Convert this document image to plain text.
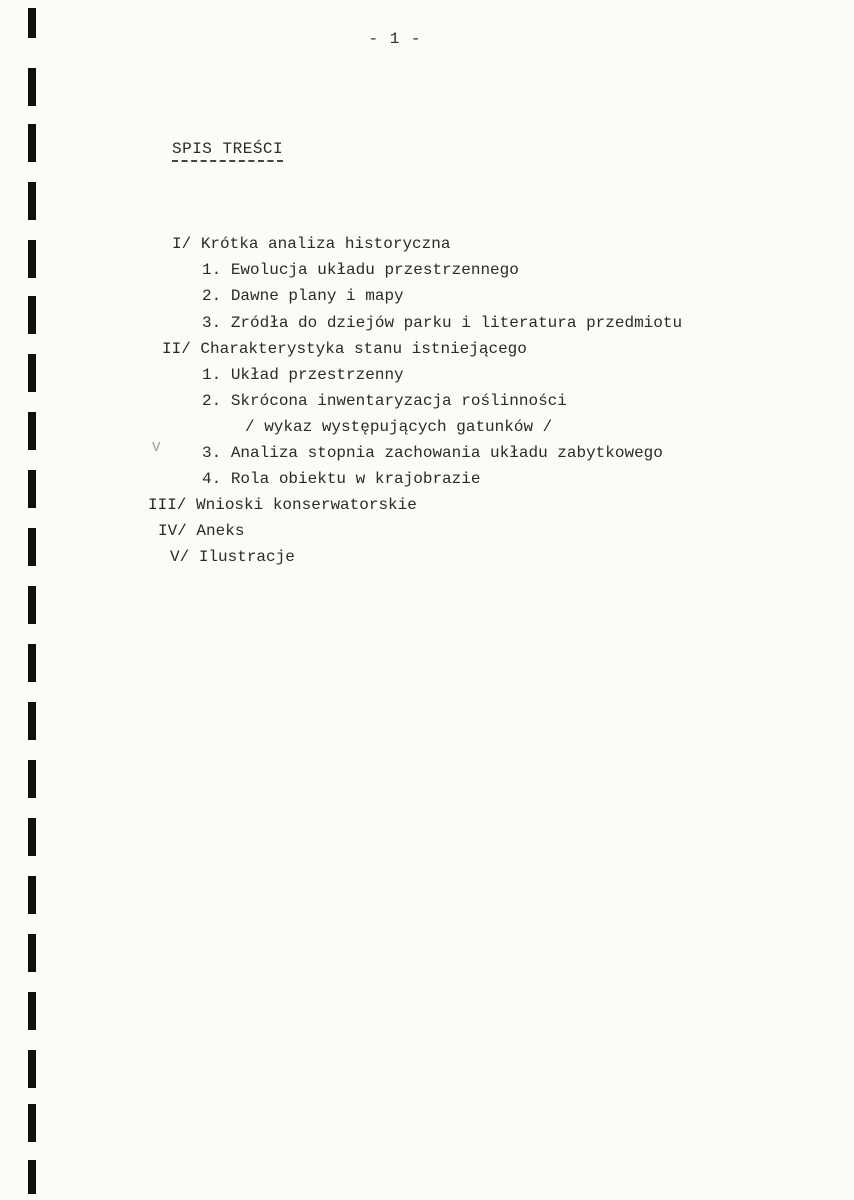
- 1 -
SPIS TREŚCI
I/ Krótka analiza historyczna
1. Ewolucja układu przestrzennego
2. Dawne plany i mapy
3. Zródła do dziejów parku i literatura przedmiotu
II/ Charakterystyka stanu istniejącego
1. Układ przestrzenny
2. Skrócona inwentaryzacja roślinności
/ wykaz występujących gatunków /
3. Analiza stopnia zachowania układu zabytkowego
4. Rola obiektu w krajobrazie
III/ Wnioski konserwatorskie
IV/ Aneks
V/ Ilustracje
V
